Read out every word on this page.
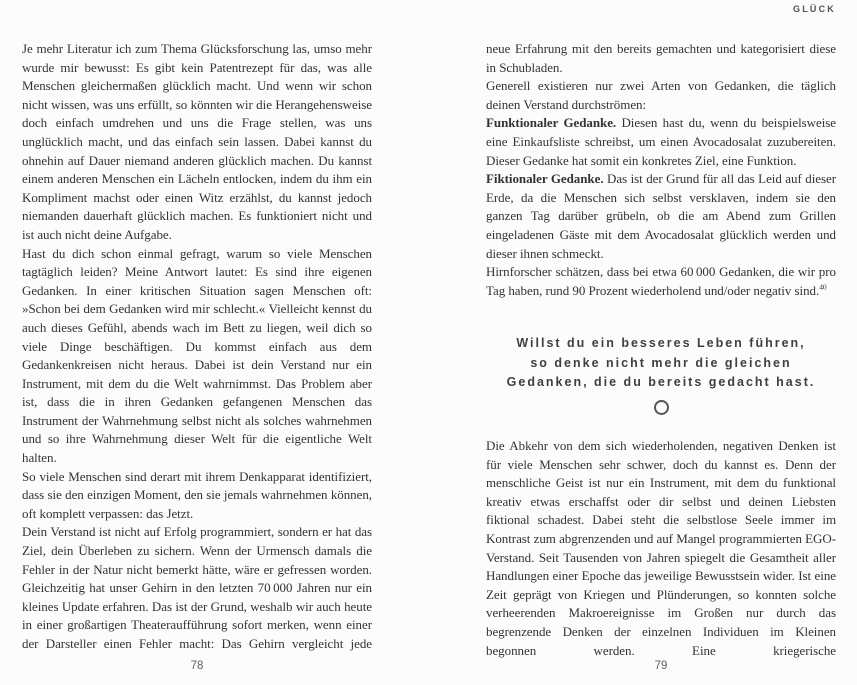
GLÜCK

Je mehr Literatur ich zum Thema Glücksforschung las, umso mehr wurde mir bewusst: Es gibt kein Patentrezept für das, was alle Menschen gleichermaßen glücklich macht. Und wenn wir schon nicht wissen, was uns erfüllt, so könnten wir die Herangehensweise doch einfach umdrehen und uns die Frage stellen, was uns unglücklich macht, und das einfach sein lassen. Dabei kannst du ohnehin auf Dauer niemand anderen glücklich machen. Du kannst einem anderen Menschen ein Lächeln entlocken, indem du ihm ein Kompliment machst oder einen Witz erzählst, du kannst jedoch niemanden dauerhaft glücklich machen. Es funktioniert nicht und ist auch nicht deine Aufgabe.

Hast du dich schon einmal gefragt, warum so viele Menschen tagtäglich leiden? Meine Antwort lautet: Es sind ihre eigenen Gedanken. In einer kritischen Situation sagen Menschen oft: »Schon bei dem Gedanken wird mir schlecht.« Vielleicht kennst du auch dieses Gefühl, abends wach im Bett zu liegen, weil dich so viele Dinge beschäftigen. Du kommst einfach aus dem Gedankenkreisen nicht heraus. Dabei ist dein Verstand nur ein Instrument, mit dem du die Welt wahrnimmst. Das Problem aber ist, dass die in ihren Gedanken gefangenen Menschen das Instrument der Wahrnehmung selbst nicht als solches wahrnehmen und so ihre Wahrnehmung dieser Welt für die eigentliche Welt halten.

So viele Menschen sind derart mit ihrem Denkapparat identifiziert, dass sie den einzigen Moment, den sie jemals wahrnehmen können, oft komplett verpassen: das Jetzt.

Dein Verstand ist nicht auf Erfolg programmiert, sondern er hat das Ziel, dein Überleben zu sichern. Wenn der Urmensch damals die Fehler in der Natur nicht bemerkt hätte, wäre er gefressen worden. Gleichzeitig hat unser Gehirn in den letzten 70 000 Jahren nur ein kleines Update erfahren. Das ist der Grund, weshalb wir auch heute in einer großartigen Theateraufführung sofort merken, wenn einer der Darsteller einen Fehler macht: Das Gehirn vergleicht jede

78

neue Erfahrung mit den bereits gemachten und kategorisiert diese in Schubladen.

Generell existieren nur zwei Arten von Gedanken, die täglich deinen Verstand durchströmen:

Funktionaler Gedanke. Diesen hast du, wenn du beispielsweise eine Einkaufsliste schreibst, um einen Avocadosalat zuzubereiten. Dieser Gedanke hat somit ein konkretes Ziel, eine Funktion.

Fiktionaler Gedanke. Das ist der Grund für all das Leid auf dieser Erde, da die Menschen sich selbst versklaven, indem sie den ganzen Tag darüber grübeln, ob die am Abend zum Grillen eingeladenen Gäste mit dem Avocadosalat glücklich werden und dieser ihnen schmeckt.

Hirnforscher schätzen, dass bei etwa 60 000 Gedanken, die wir pro Tag haben, rund 90 Prozent wiederholend und/oder negativ sind.$^{40}$

Willst du ein besseres Leben führen,
so denke nicht mehr die gleichen
Gedanken, die du bereits gedacht hast.

Die Abkehr von dem sich wiederholenden, negativen Denken ist für viele Menschen sehr schwer, doch du kannst es. Denn der menschliche Geist ist nur ein Instrument, mit dem du funktional kreativ etwas erschaffst oder dir selbst und deinen Liebsten fiktional schadest. Dabei steht die selbstlose Seele immer im Kontrast zum abgrenzenden und auf Mangel programmierten EGO-Verstand. Seit Tausenden von Jahren spiegelt die Gesamtheit aller Handlungen einer Epoche das jeweilige Bewusstsein wider. Ist eine Zeit geprägt von Kriegen und Plünderungen, so konnten solche verheerenden Makroereignisse im Großen nur durch das begrenzende Denken der einzelnen Individuen im Kleinen begonnen werden. Eine kriegerische

79
